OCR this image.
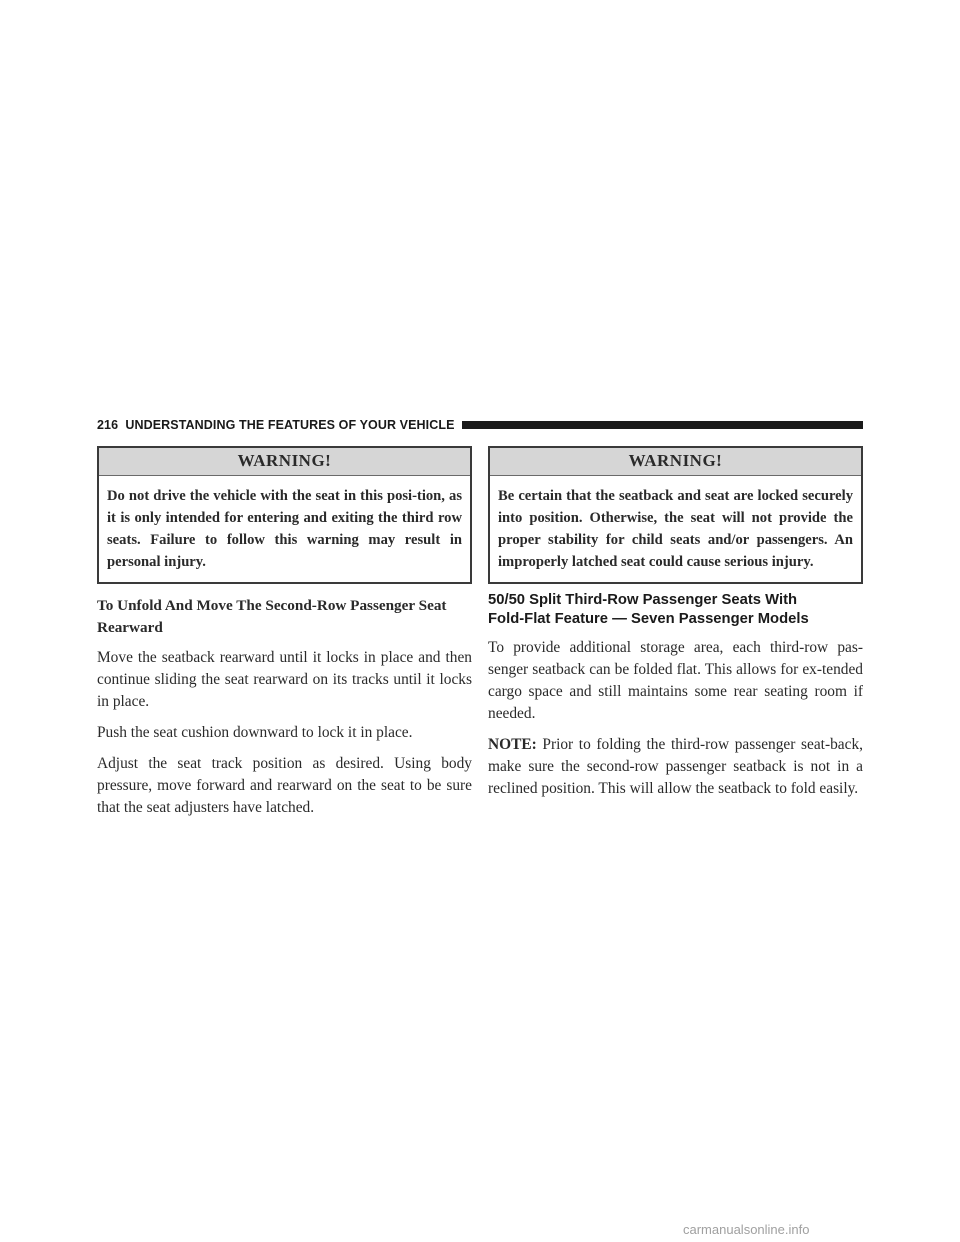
216 UNDERSTANDING THE FEATURES OF YOUR VEHICLE
WARNING!
Do not drive the vehicle with the seat in this posi-tion, as it is only intended for entering and exiting the third row seats. Failure to follow this warning may result in personal injury.
To Unfold And Move The Second-Row Passenger Seat Rearward

Move the seatback rearward until it locks in place and then continue sliding the seat rearward on its tracks until it locks in place.

Push the seat cushion downward to lock it in place.

Adjust the seat track position as desired. Using body pressure, move forward and rearward on the seat to be sure that the seat adjusters have latched.

WARNING!
Be certain that the seatback and seat are locked securely into position. Otherwise, the seat will not provide the proper stability for child seats and/or passengers. An improperly latched seat could cause serious injury.
50/50 Split Third-Row Passenger Seats With
Fold-Flat Feature — Seven Passenger Models

To provide additional storage area, each third-row pas-senger seatback can be folded flat. This allows for ex-tended cargo space and still maintains some rear seating room if needed.

NOTE: Prior to folding the third-row passenger seat-back, make sure the second-row passenger seatback is not in a reclined position. This will allow the seatback to fold easily.

carmanualsonline.info
